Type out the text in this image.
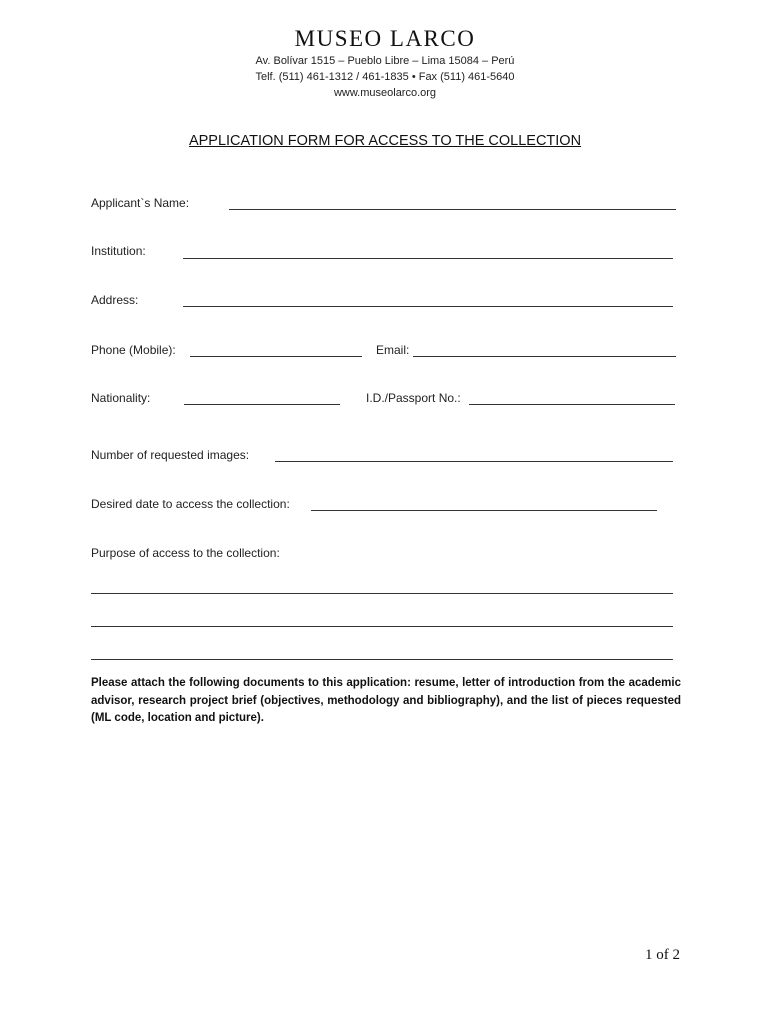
MUSEO LARCO
Av. Bolívar 1515 – Pueblo Libre – Lima 15084 – Perú
Telf. (511) 461-1312 / 461-1835 • Fax (511) 461-5640
www.museolarco.org
APPLICATION FORM FOR ACCESS TO THE COLLECTION
Applicant`s Name:
Institution:
Address:
Phone (Mobile):	Email:
Nationality:	I.D./Passport No.:
Number of requested images:
Desired date to access the collection:
Purpose of access to the collection:
Please attach the following documents to this application: resume, letter of introduction from the academic advisor, research project brief (objectives, methodology and bibliography), and the list of pieces requested (ML code, location and picture).
1 of 2
